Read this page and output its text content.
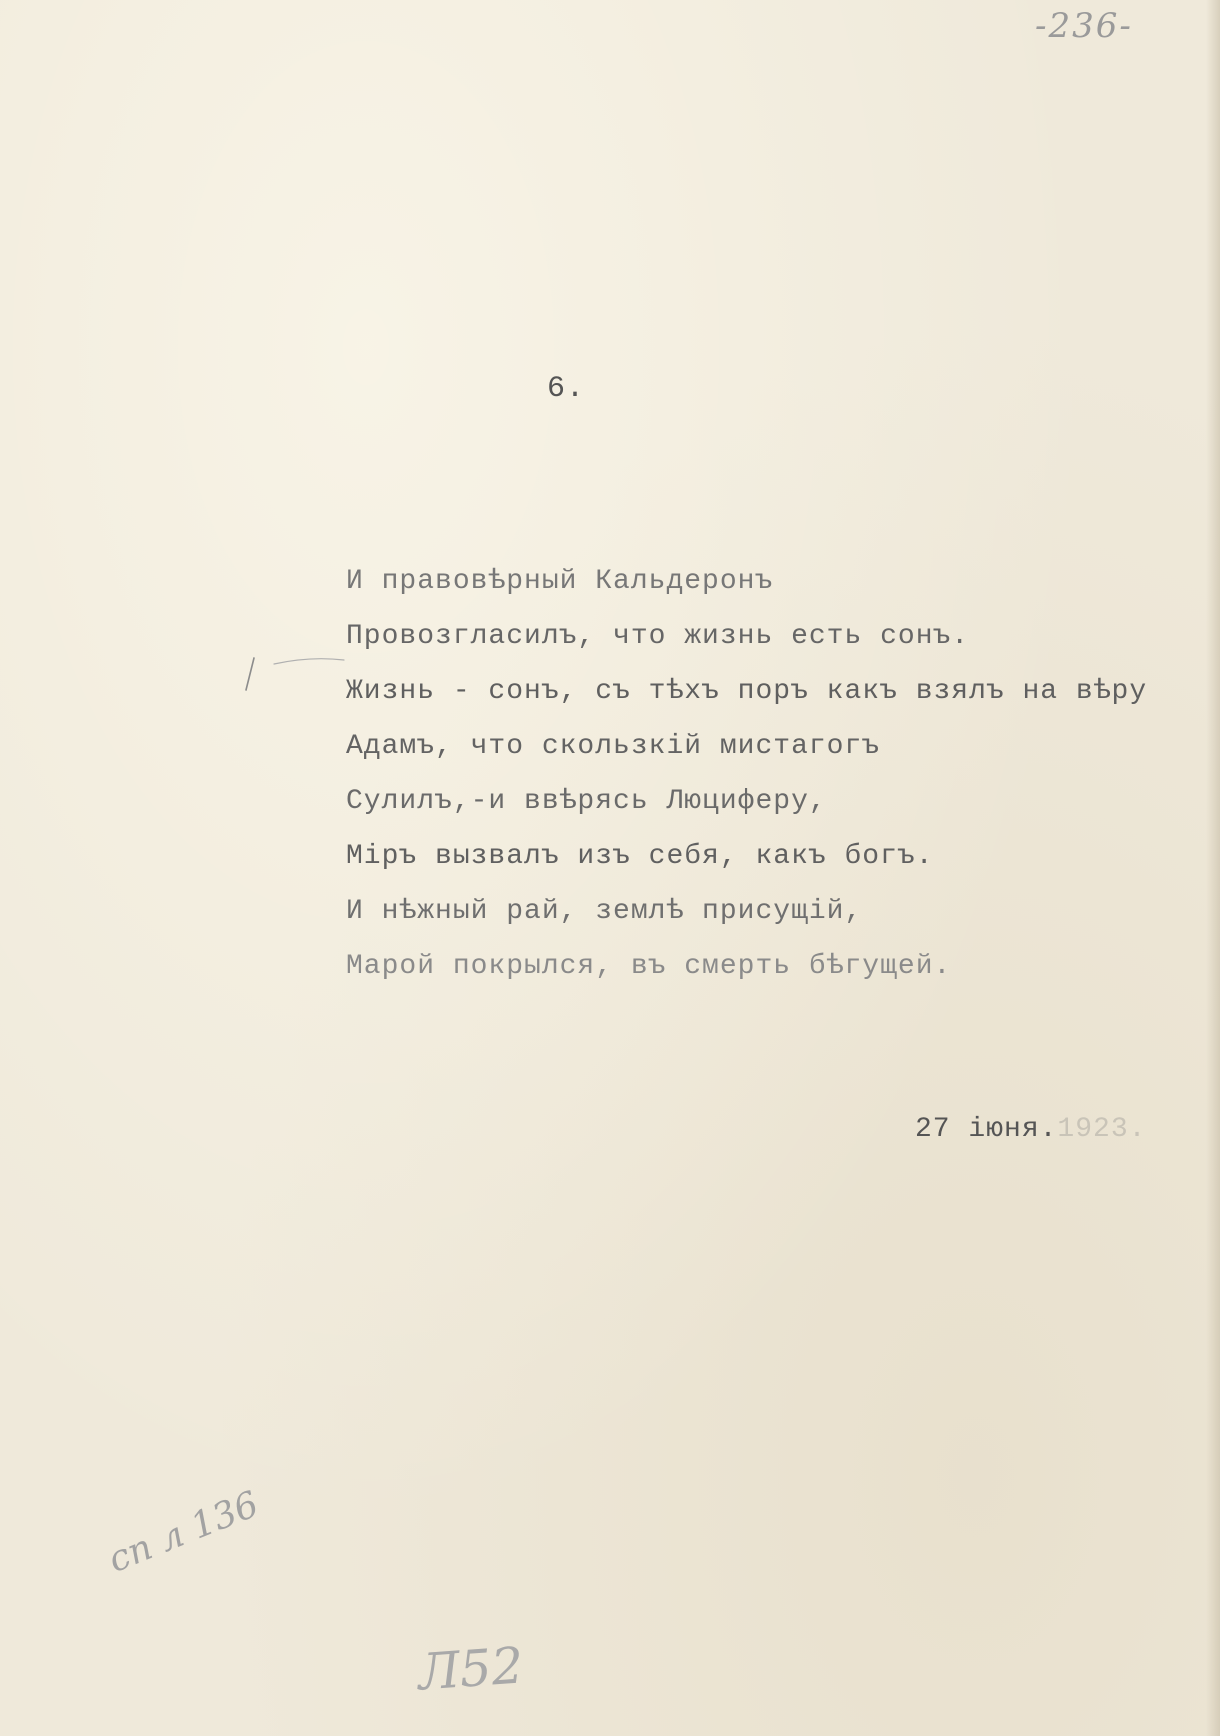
-236-
6.
И правовѣрный Кальдеронъ
Провозгласилъ, что жизнь есть сонъ.
Жизнь - сонъ, съ тѣхъ поръ какъ взялъ на вѣру
Адамъ, что скользкій мистагогъ
Сулилъ,-и ввѣрясь Люциферу,
Міръ вызвалъ изъ себя, какъ богъ.
И нѣжный рай, землѣ присущій,
Марой покрылся, въ смерть бѣгущей.
27 іюня.1923.
сп л 136
Л52
